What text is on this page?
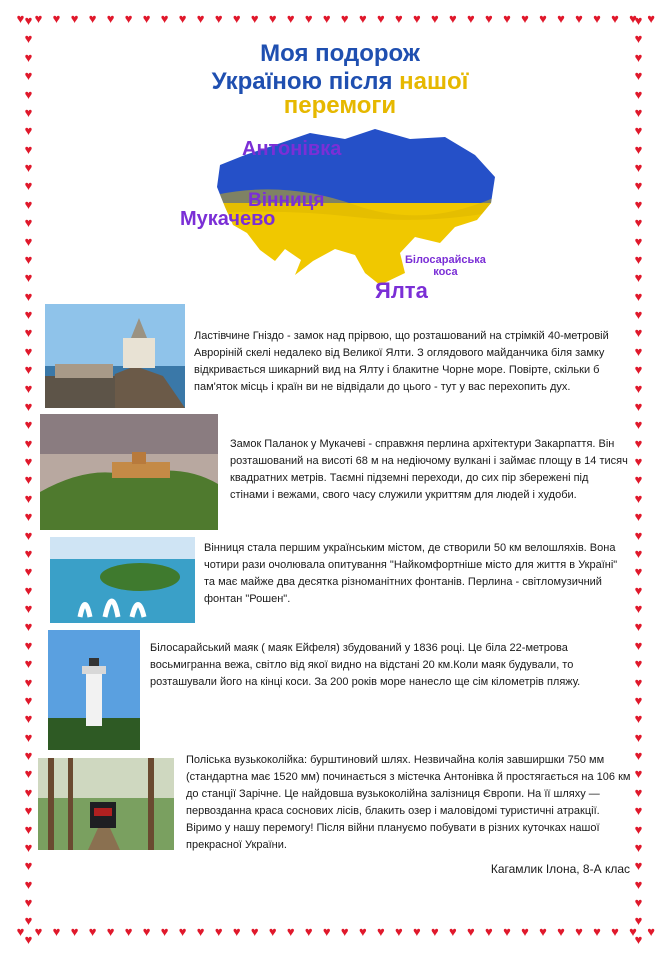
♥ ♥ ♥ ♥ ♥ ♥ ♥ ♥ ♥ ♥ ♥ ♥ ♥ ♥ ♥ ♥ ♥ ♥ ♥ ♥ ♥ ♥ ♥ ♥ ♥ ♥ ♥ ♥ ♥ ♥ ♥ ♥ ♥ ♥ ♥ ♥
♥ ♥ ♥ ♥ ♥ ♥ ♥ ♥ ♥ ♥ ♥ ♥ ♥ ♥ ♥ ♥ ♥ ♥ ♥ ♥ ♥ ♥ ♥ ♥ ♥ ♥ ♥ ♥ ♥ ♥ ♥ ♥ ♥ ♥ ♥ ♥
♥
♥
♥
♥
♥
♥
♥
♥
♥
♥
♥
♥
♥
♥
♥
♥
♥
♥
♥
♥
♥
♥
♥
♥
♥
♥
♥
♥
♥
♥
♥
♥
♥
♥
♥
♥
♥
♥
♥
♥
♥
♥
♥
♥
♥
♥
♥
♥
♥
♥
♥
♥
♥
♥
♥
♥
♥
♥
♥
♥
♥
♥
♥
♥
♥
♥
♥
♥
♥
♥
♥
♥
♥
♥
♥
♥
♥
♥
♥
♥
♥
♥
♥
♥
♥
♥
♥
♥
♥
♥
♥
♥
♥
♥
♥
♥
♥
♥
♥
♥
♥
♥
Моя подорож
Україною після нашої
перемоги
Антонівка
Вінниця
Мукачево
Білосарайська
коса
Ялта
Ластівчине Гніздо - замок над прірвою, що розташований на стрімкій 40-метровій Авроріній скелі недалеко від Великої Ялти. З оглядового майданчика біля замку відкривається шикарний вид на Ялту і блакитне Чорне море. Повірте, скільки б пам'яток місць і країн ви не відвідали до цього - тут у вас перехопить дух.
Замок Паланок у Мукачеві - справжня перлина архітектури Закарпаття. Він розташований на висоті 68 м на недіючому вулкані і займає площу в 14 тисяч квадратних метрів. Таємні підземні переходи, до сих пір збережені під стінами і вежами, свого часу служили укриттям для людей і худоби.
Вінниця стала першим українським містом, де створили 50 км велошляхів. Вона чотири рази очолювала опитування "Найкомфортніше місто для життя в Україні" та має майже два десятка різноманітних фонтанів. Перлина - світломузичний фонтан "Рошен".
Білосарайський маяк ( маяк Ейфеля) збудований у 1836 році. Це біла 22-метрова восьмигранна вежа, світло від якої видно на відстані 20 км.Коли маяк будували, то розташували його на кінці коси. За 200 років море нанесло ще сім кілометрів пляжу.
Поліська вузькоколійка: бурштиновий шлях. Незвичайна колія завширшки 750 мм (стандартна має 1520 мм) починається з містечка Антонівка й простягається на 106 км до станції Зарічне. Це найдовша вузькоколійна залізниця Європи. На її шляху — первозданна краса соснових лісів, блакить озер і маловідомі туристичні атракції. Віримо у нашу перемогу! Після війни плануємо побувати в різних куточках нашої прекрасної України.
Кагамлик Ілона, 8-А клас
